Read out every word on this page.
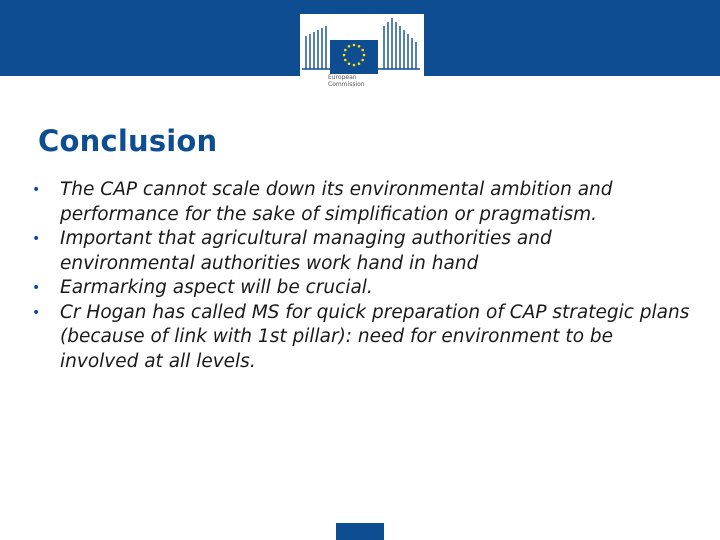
European
Commission

Conclusion
• The CAP cannot scale down its environmental ambition and performance for the sake of simplification or pragmatism.
• Important that agricultural managing authorities and environmental authorities work hand in hand
• Earmarking aspect will be crucial.
• Cr Hogan has called MS for quick preparation of CAP strategic plans (because of link with 1st pillar): need for environment to be involved at all levels.
